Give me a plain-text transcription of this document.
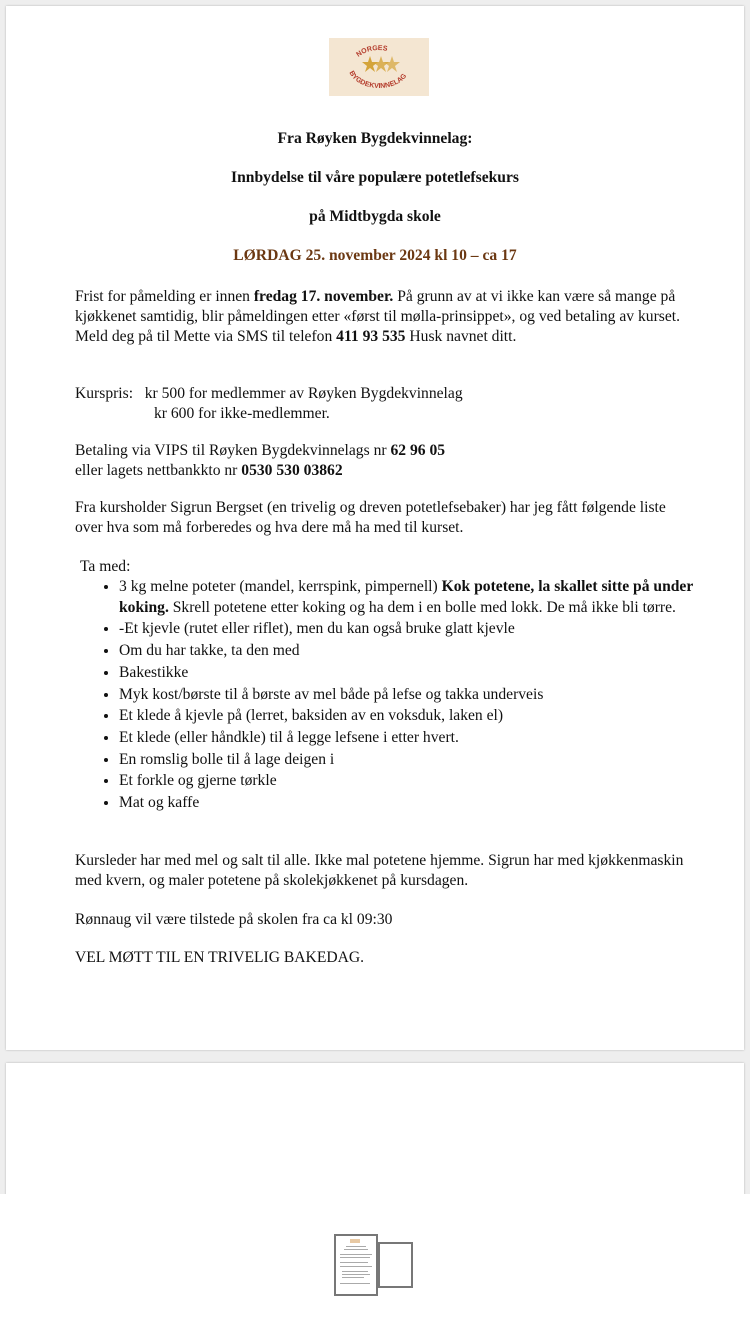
NORGES
BYGDEKVINNELAG
Fra Røyken Bygdekvinnelag:
Innbydelse til våre populære potetlefsekurs
på Midtbygda skole
LØRDAG 25. november 2024 kl 10 – ca 17

Frist for påmelding er innen fredag 17. november. På grunn av at vi ikke kan være så mange på kjøkkenet samtidig, blir påmeldingen etter «først til mølla-prinsippet», og ved betaling av kurset.

Meld deg på til Mette via SMS til telefon 411 93 535 Husk navnet ditt.

Kurspris: kr 500 for medlemmer av Røyken Bygdekvinnelag

kr 600 for ikke-medlemmer.

Betaling via VIPS til Røyken Bygdekvinnelags nr 62 96 05

eller lagets nettbankkto nr 0530 530 03862

Fra kursholder Sigrun Bergset (en trivelig og dreven potetlefsebaker) har jeg fått følgende liste over hva som må forberedes og hva dere må ha med til kurset.

Ta med:

• 3 kg melne poteter (mandel, kerrspink, pimpernell) Kok potetene, la skallet sitte på under koking. Skrell potetene etter koking og ha dem i en bolle med lokk. De må ikke bli tørre.
• -Et kjevle (rutet eller riflet), men du kan også bruke glatt kjevle
• Om du har takke, ta den med
• Bakestikke
• Myk kost/børste til å børste av mel både på lefse og takka underveis
• Et klede å kjevle på (lerret, baksiden av en voksduk, laken el)
• Et klede (eller håndkle) til å legge lefsene i etter hvert.
• En romslig bolle til å lage deigen i
• Et forkle og gjerne tørkle
• Mat og kaffe
Kursleder har med mel og salt til alle. Ikke mal potetene hjemme. Sigrun har med kjøkkenmaskin med kvern, og maler potetene på skolekjøkkenet på kursdagen.
Rønnaug vil være tilstede på skolen fra ca kl 09:30
VEL MØTT TIL EN TRIVELIG BAKEDAG.
